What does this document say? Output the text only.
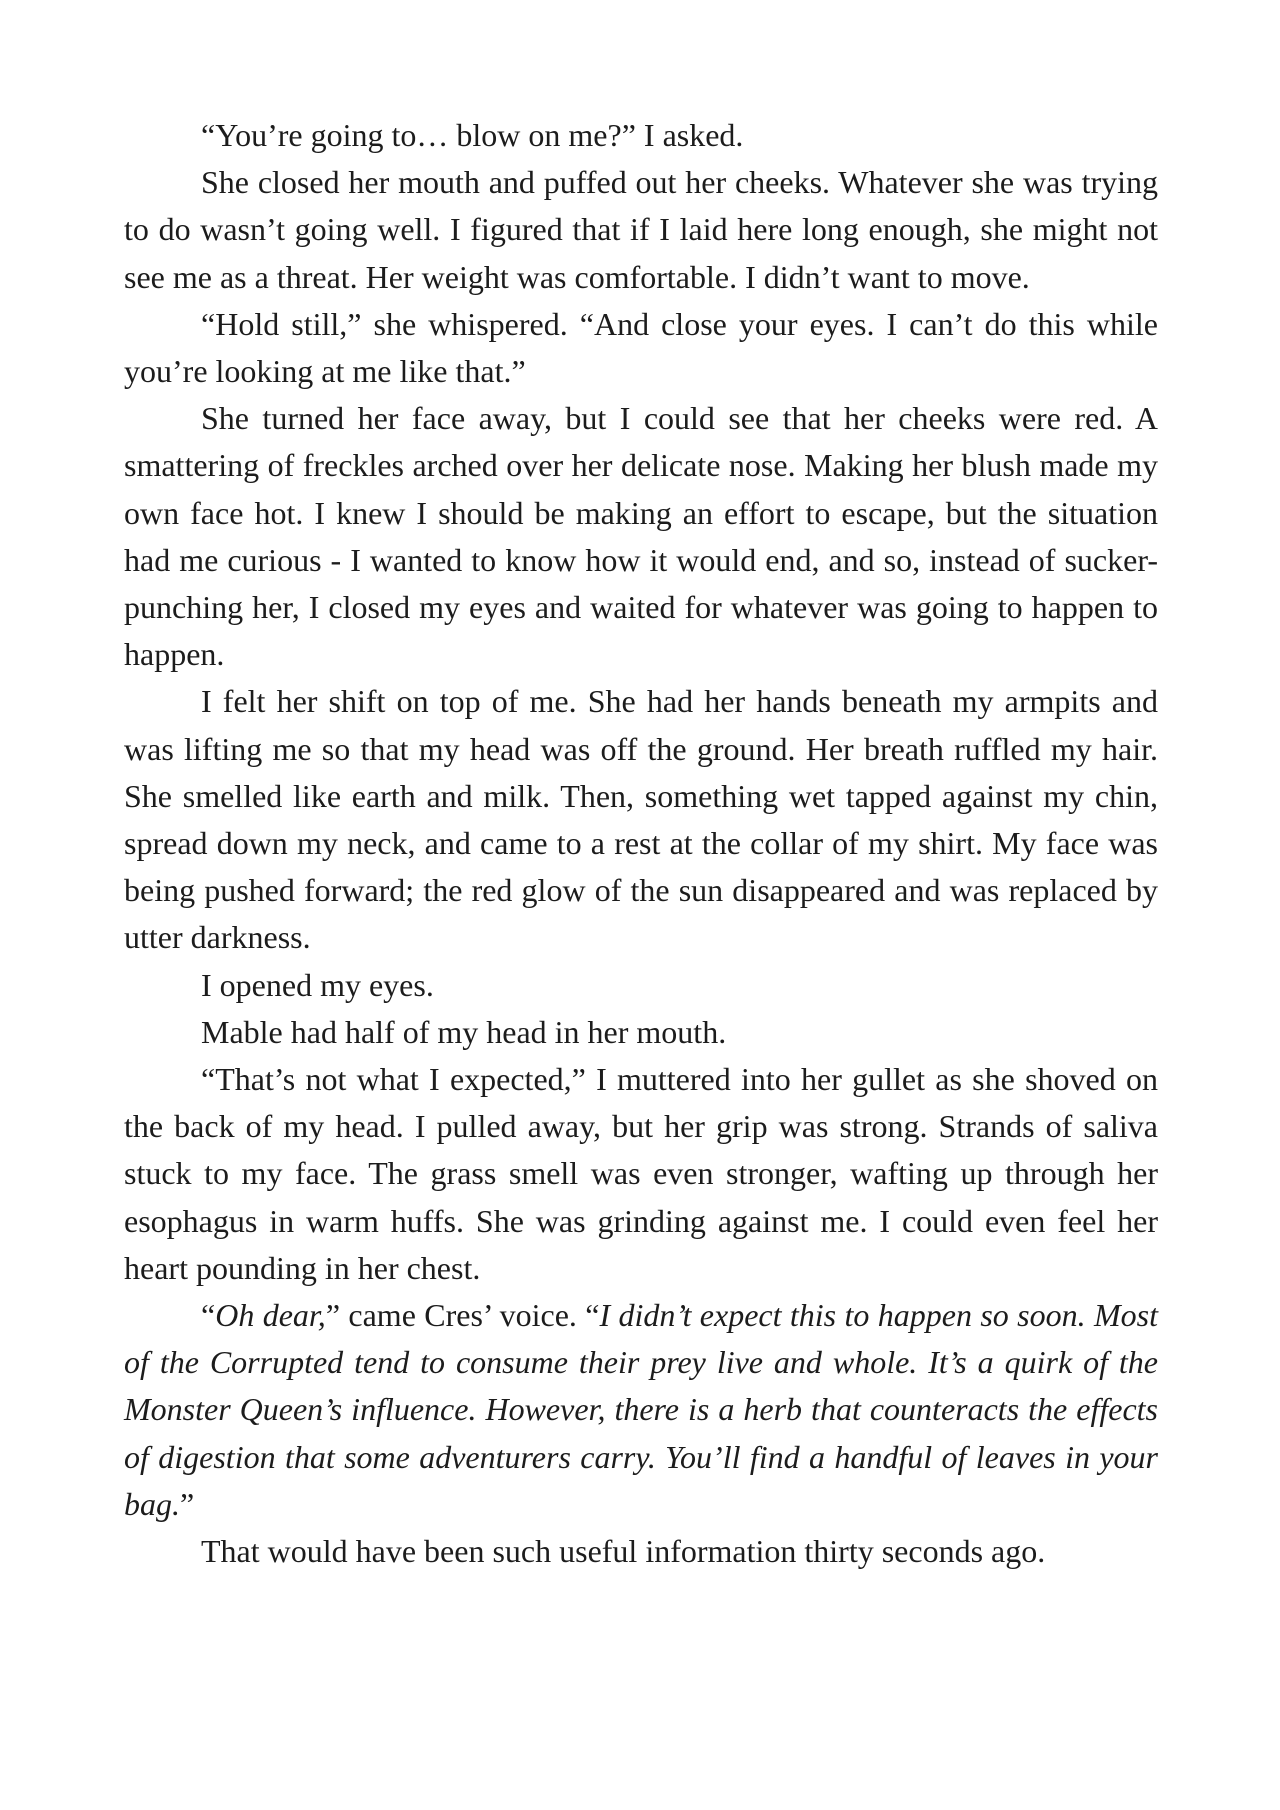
“You’re going to… blow on me?” I asked.

She closed her mouth and puffed out her cheeks. Whatever she was trying to do wasn’t going well. I figured that if I laid here long enough, she might not see me as a threat. Her weight was comfortable. I didn’t want to move.

“Hold still,” she whispered. “And close your eyes. I can’t do this while you’re looking at me like that.”

She turned her face away, but I could see that her cheeks were red. A smattering of freckles arched over her delicate nose. Making her blush made my own face hot. I knew I should be making an effort to escape, but the situation had me curious - I wanted to know how it would end, and so, instead of sucker-punching her, I closed my eyes and waited for whatever was going to happen to happen.

I felt her shift on top of me. She had her hands beneath my armpits and was lifting me so that my head was off the ground. Her breath ruffled my hair. She smelled like earth and milk. Then, something wet tapped against my chin, spread down my neck, and came to a rest at the collar of my shirt. My face was being pushed forward; the red glow of the sun disappeared and was replaced by utter darkness.

I opened my eyes.

Mable had half of my head in her mouth.

“That’s not what I expected,” I muttered into her gullet as she shoved on the back of my head. I pulled away, but her grip was strong. Strands of saliva stuck to my face. The grass smell was even stronger, wafting up through her esophagus in warm huffs. She was grinding against me. I could even feel her heart pounding in her chest.

“Oh dear,” came Cres’ voice. “I didn’t expect this to happen so soon. Most of the Corrupted tend to consume their prey live and whole. It’s a quirk of the Monster Queen’s influence. However, there is a herb that counteracts the effects of digestion that some adventurers carry. You’ll find a handful of leaves in your bag.”

That would have been such useful information thirty seconds ago.
